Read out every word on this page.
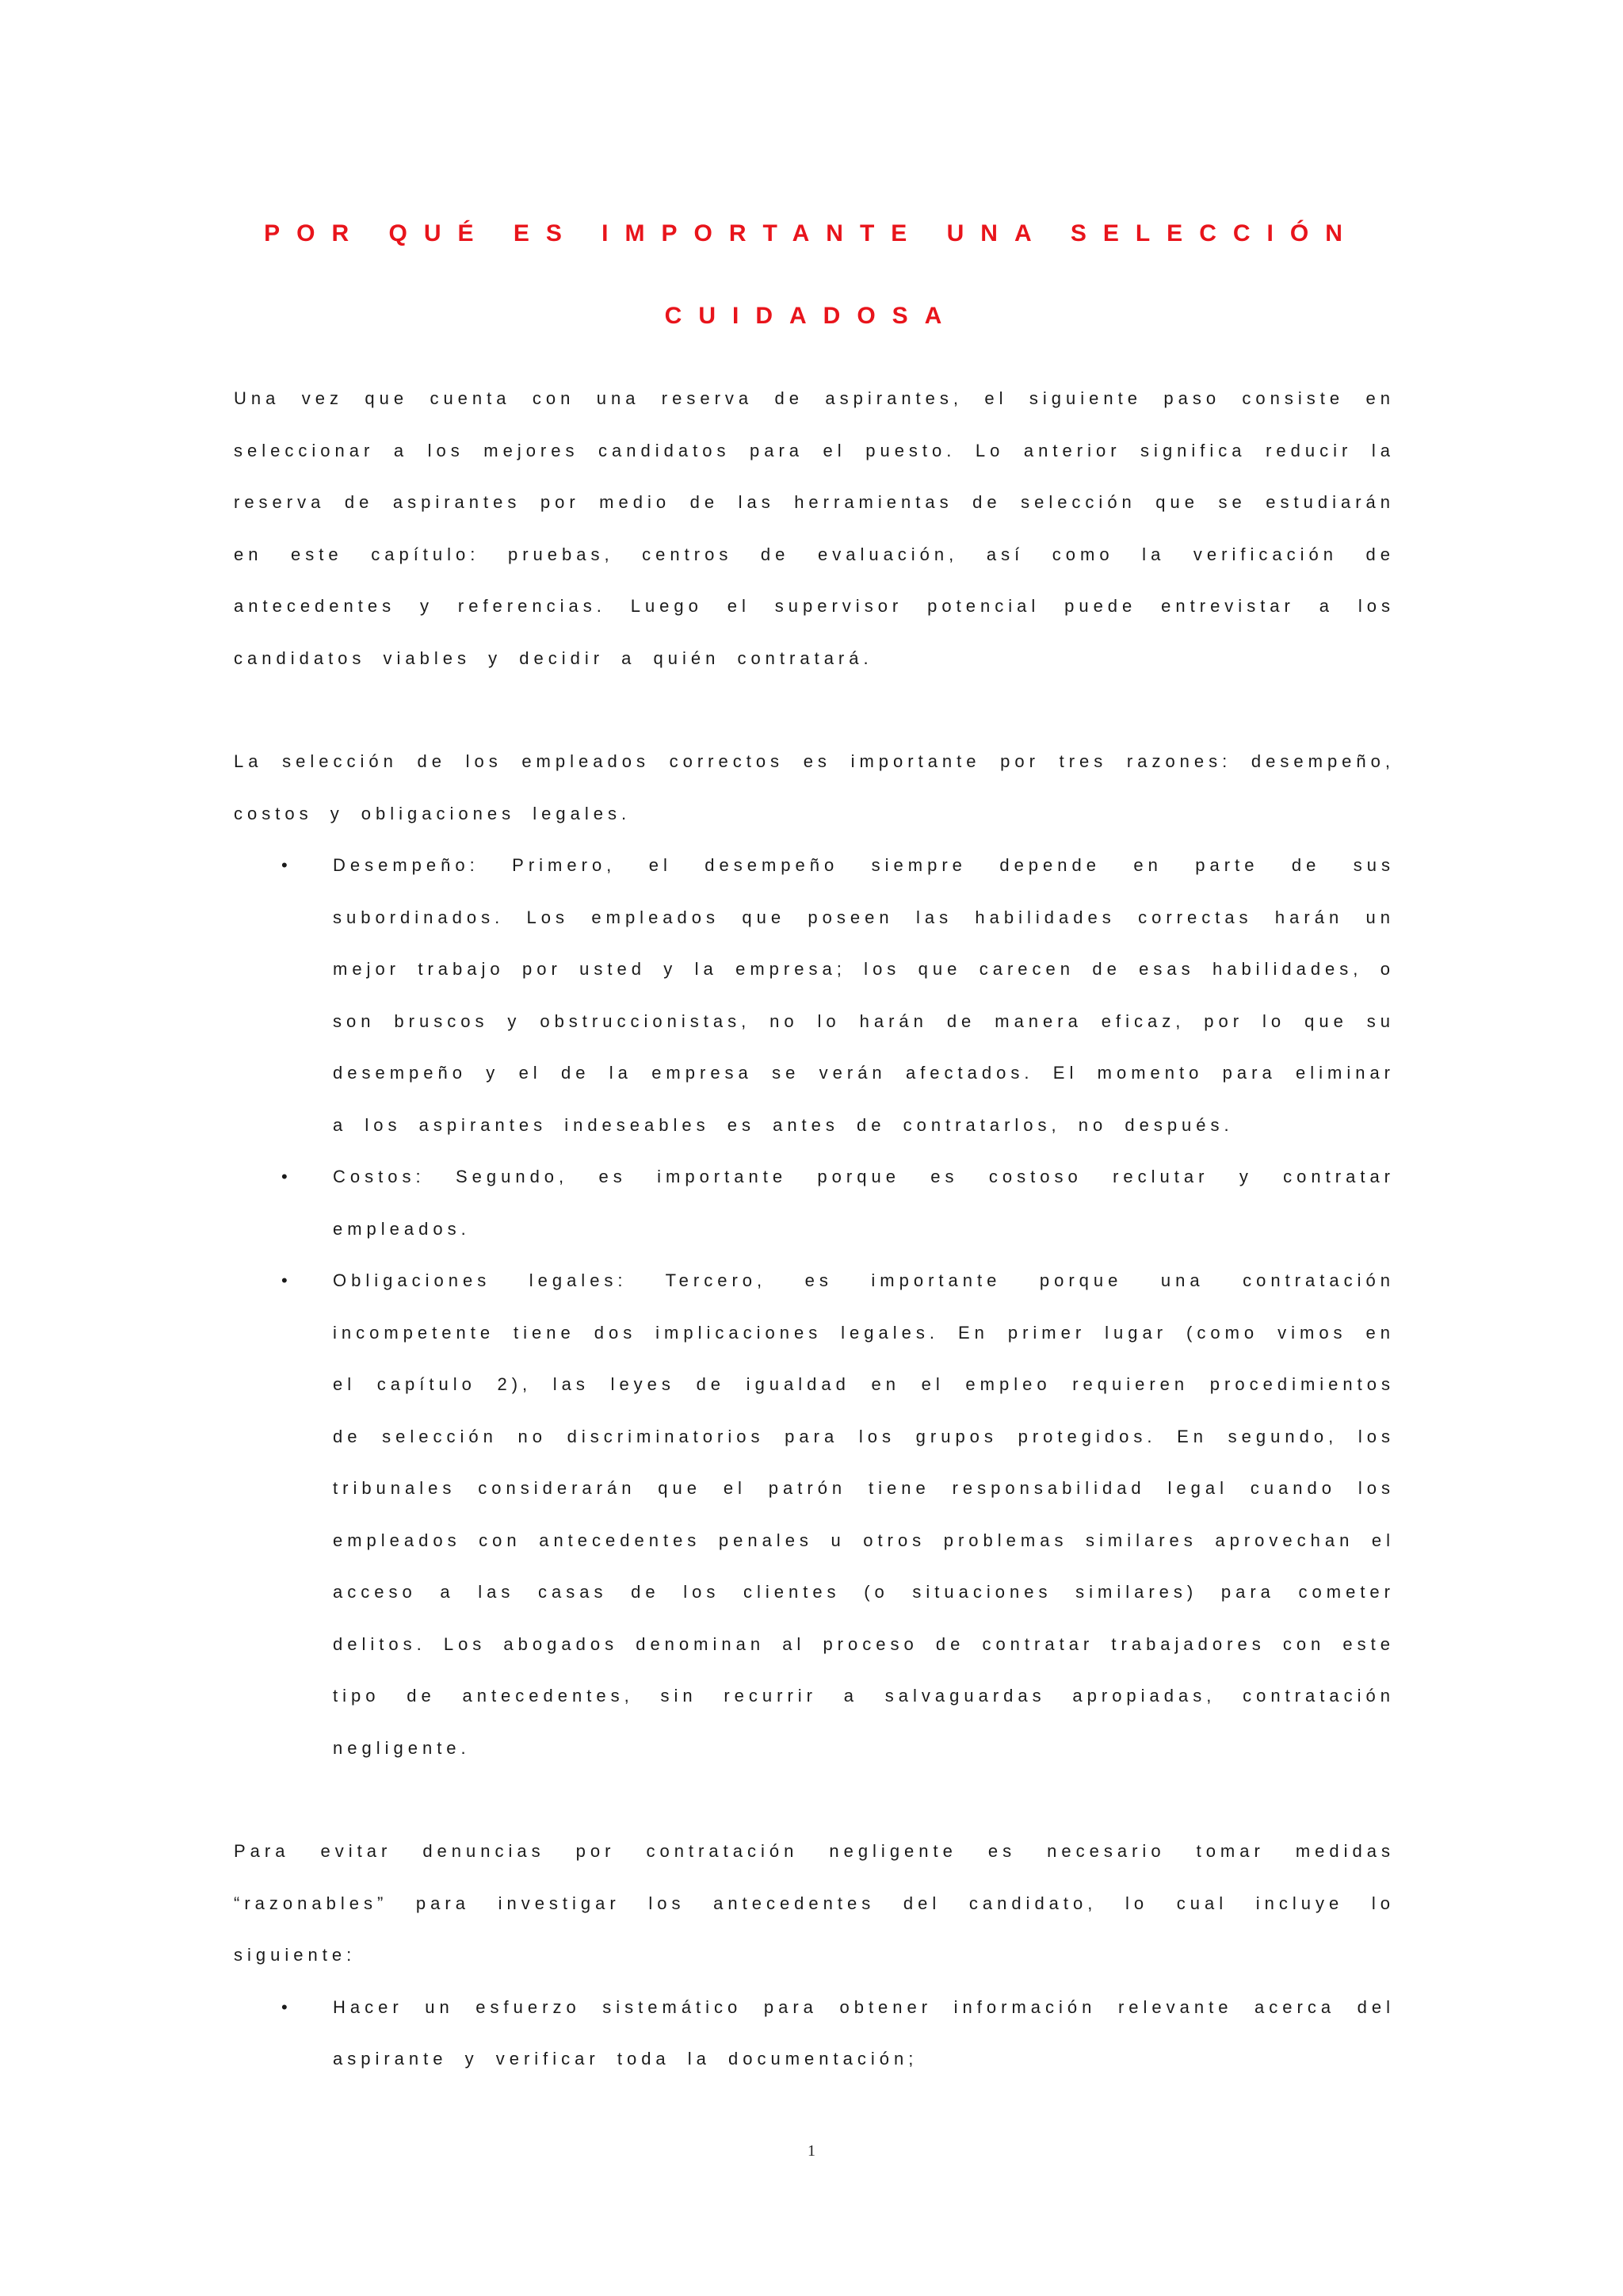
POR QUÉ ES IMPORTANTE UNA SELECCIÓN
CUIDADOSA

Una vez que cuenta con una reserva de aspirantes, el siguiente paso consiste en seleccionar a los mejores candidatos para el puesto. Lo anterior significa reducir la reserva de aspirantes por medio de las herramientas de selección que se estudiarán en este capítulo: pruebas, centros de evaluación, así como la verificación de antecedentes y referencias. Luego el supervisor potencial puede entrevistar a los candidatos viables y decidir a quién contratará.

La selección de los empleados correctos es importante por tres razones: desempeño, costos y obligaciones legales.

•	Desempeño: Primero, el desempeño siempre depende en parte de sus subordinados. Los empleados que poseen las habilidades correctas harán un mejor trabajo por usted y la empresa; los que carecen de esas habilidades, o son bruscos y obstruccionistas, no lo harán de manera eficaz, por lo que su desempeño y el de la empresa se verán afectados. El momento para eliminar a los aspirantes indeseables es antes de contratarlos, no después.
•	Costos: Segundo, es importante porque es costoso reclutar y contratar empleados.
•	Obligaciones legales: Tercero, es importante porque una contratación incompetente tiene dos implicaciones legales. En primer lugar (como vimos en el capítulo 2), las leyes de igualdad en el empleo requieren procedimientos de selección no discriminatorios para los grupos protegidos. En segundo, los tribunales considerarán que el patrón tiene responsabilidad legal cuando los empleados con antecedentes penales u otros problemas similares aprovechan el acceso a las casas de los clientes (o situaciones similares) para cometer delitos. Los abogados denominan al proceso de contratar trabajadores con este tipo de antecedentes, sin recurrir a salvaguardas apropiadas, contratación negligente.

Para evitar denuncias por contratación negligente es necesario tomar medidas “razonables” para investigar los antecedentes del candidato, lo cual incluye lo siguiente:

•	Hacer un esfuerzo sistemático para obtener información relevante acerca del aspirante y verificar toda la documentación;
1
